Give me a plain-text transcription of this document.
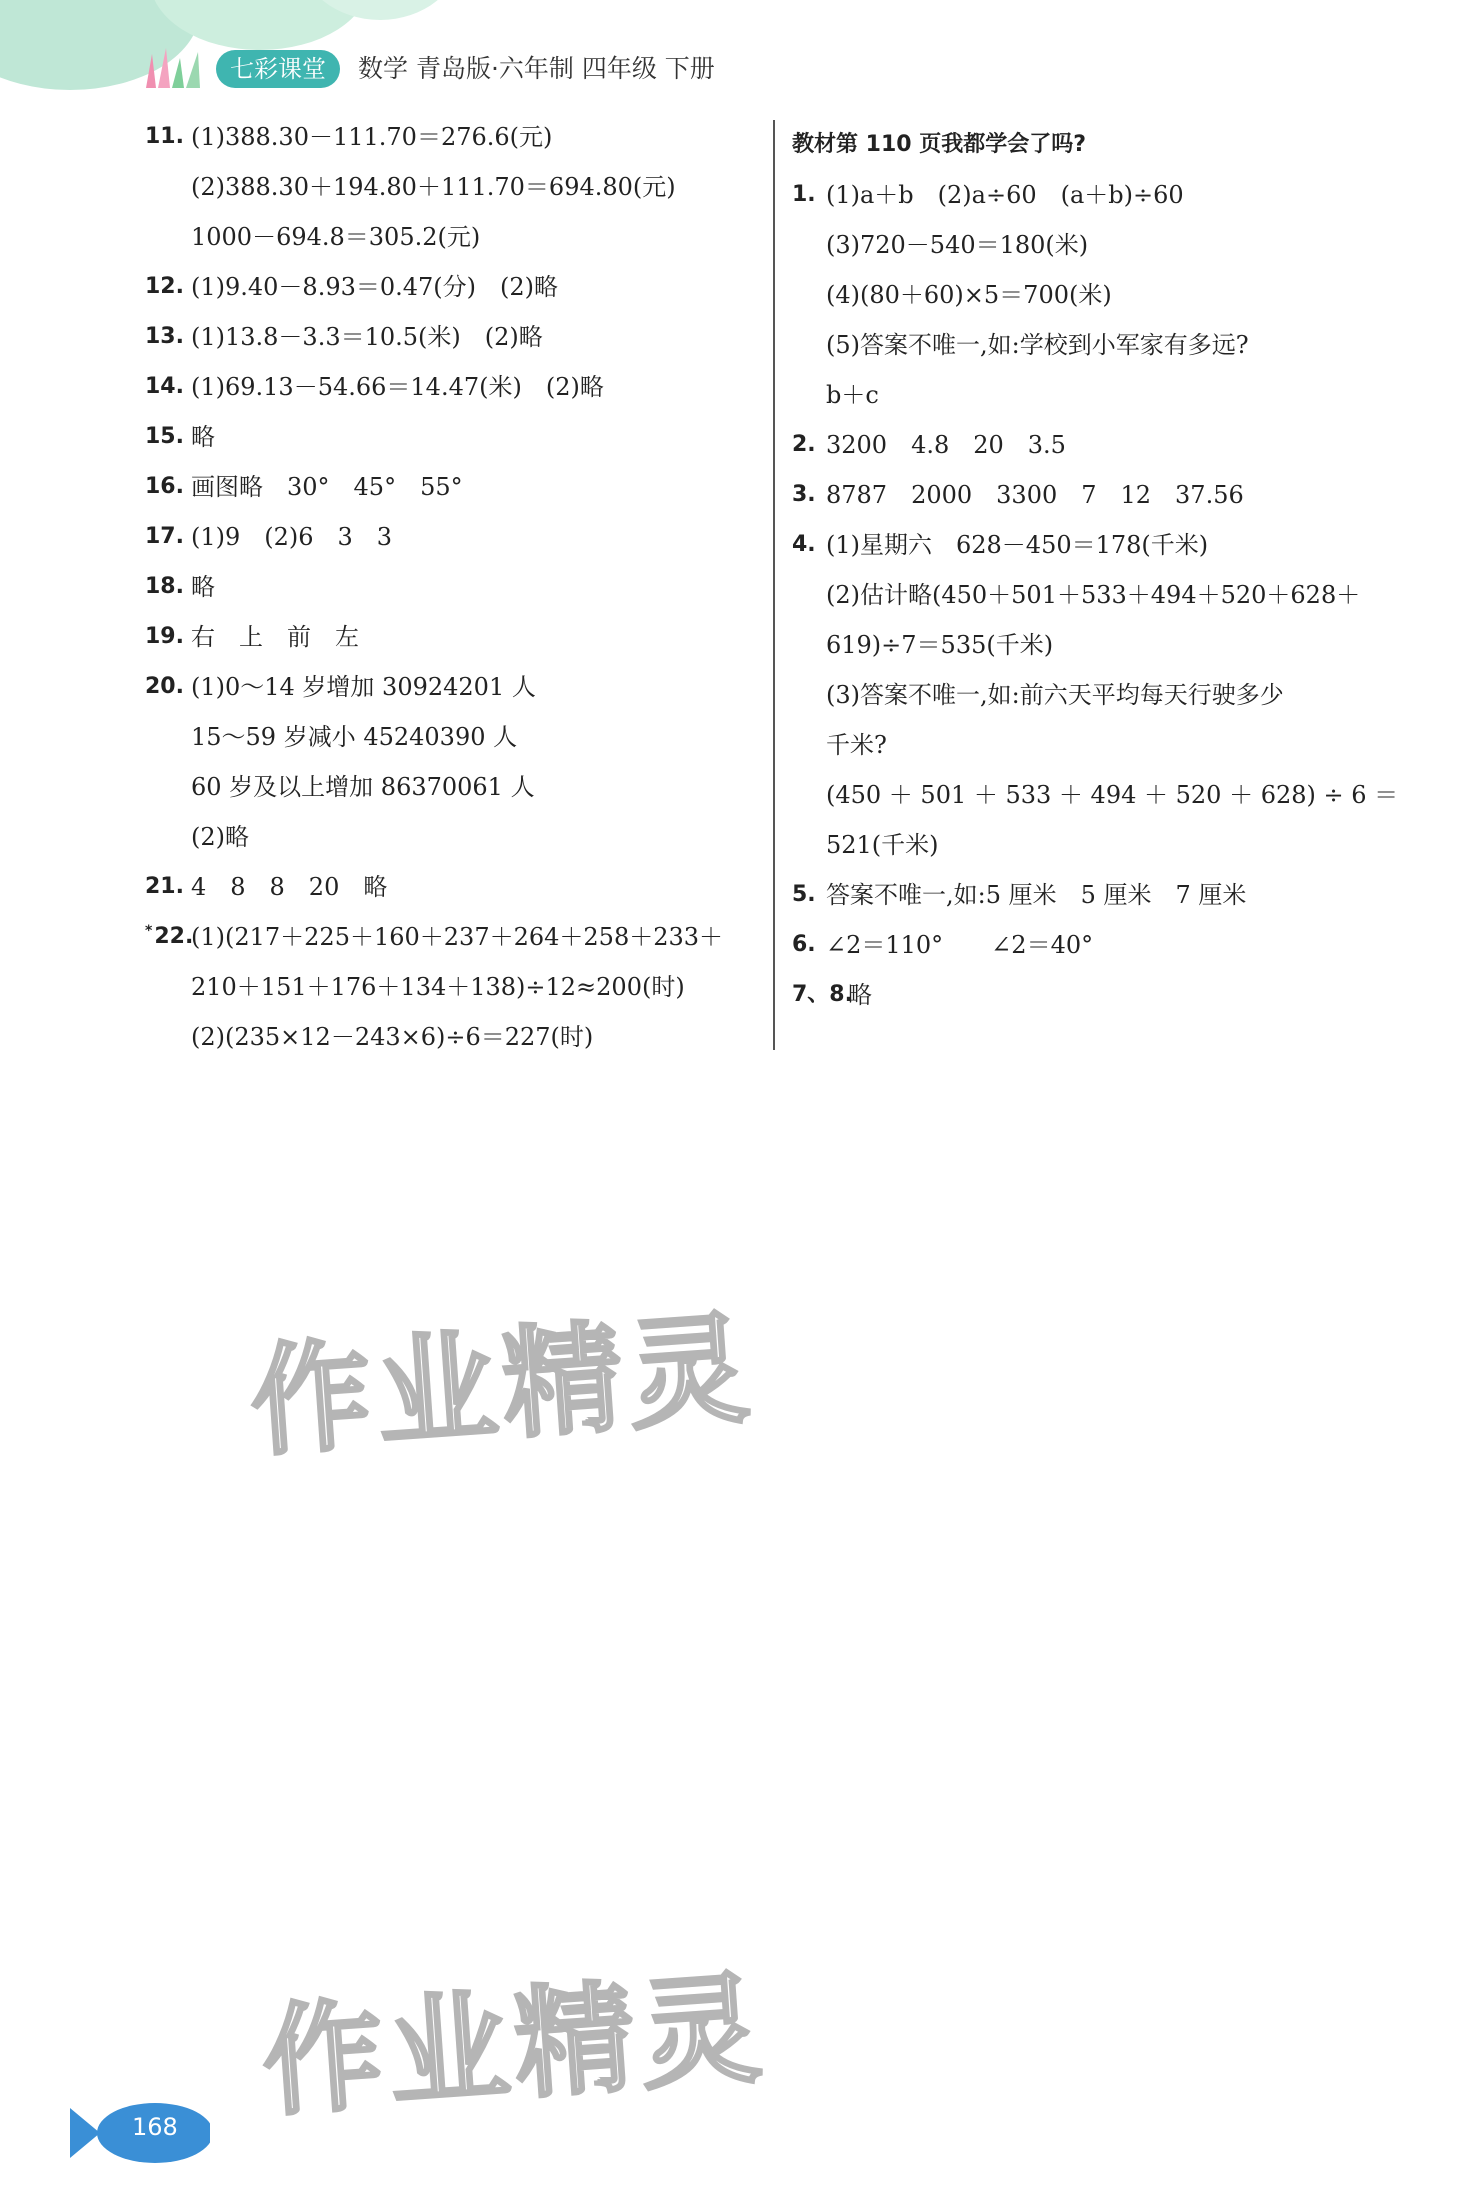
七彩课堂	数学 青岛版·六年制 四年级 下册
11. (1)388.30－111.70＝276.6(元)
(2)388.30＋194.80＋111.70＝694.80(元)
1000－694.8＝305.2(元)
12. (1)9.40－8.93＝0.47(分)　(2)略
13. (1)13.8－3.3＝10.5(米)　(2)略
14. (1)69.13－54.66＝14.47(米)　(2)略
15. 略
16. 画图略　30°　45°　55°
17. (1)9　(2)6　3　3
18. 略
19. 右　上　前　左
20. (1)0～14 岁增加 30924201 人
15～59 岁减小 45240390 人
60 岁及以上增加 86370061 人
(2)略
21. 4　8　8　20　略
*22.
(1)(217＋225＋160＋237＋264＋258＋233＋
210＋151＋176＋134＋138)÷12≈200(时)
(2)(235×12－243×6)÷6＝227(时)
教材第 110 页我都学会了吗?
1. (1)a＋b　(2)a÷60　(a＋b)÷60
(3)720－540＝180(米)
(4)(80＋60)×5＝700(米)
(5)答案不唯一,如:学校到小军家有多远?
b＋c
2. 3200　4.8　20　3.5
3. 8787　2000　3300　7　12　37.56
4. (1)星期六　628－450＝178(千米)
(2)估计略(450＋501＋533＋494＋520＋628＋
619)÷7＝535(千米)
(3)答案不唯一,如:前六天平均每天行驶多少
千米?
(450 ＋ 501 ＋ 533 ＋ 494 ＋ 520 ＋ 628) ÷ 6 ＝
521(千米)
5. 答案不唯一,如:5 厘米　5 厘米　7 厘米
6. ∠2＝110°　　∠2＝40°
7、8.
略
作业精灵
作业精灵
168
